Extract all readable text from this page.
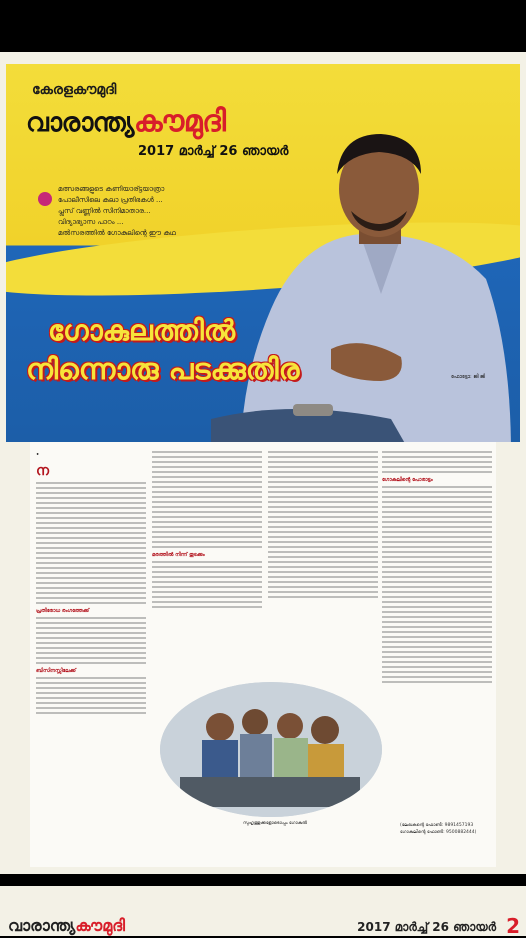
കേരളകൗമുദി
വാരാന്ത്യകൗമുദി
2017 മാർച്ച് 26 ഞായർ

മത്സരങ്ങളുടെ കണിയാര്ട്ടയാത്രാ

പോലീസിലെ കലാ പ്രതിഭകൾ ...

പ്ലസ് വണ്ണിൽ സിനിമാതാര...

വിദ്യാഭ്യാസ പാഠം ...

മൽസരത്തിൽ ഗോകുലിന്റെ ഈ കഥ

ഫോട്ടോ: ജി ജി
ഗോകുലത്തിൽ
നിന്നൊരു പടക്കുതിര
•
ന
പ്രതിരോധ രംഗത്തേക്ക്
ബിസിനസ്സിലേക്ക്
മരത്തിൽ നിന്ന് തുടക്കം
ഗോകുലിന്റെ പോരാട്ടം
സുഹൃത്തുക്കളോടൊപ്പം ഗോകുൽ	(ലേഖകന്റെ ഫോൺ: 9891457193
ഗോകുലിന്റെ ഫോൺ: 9500882444)
വാരാന്ത്യകൗമുദി	2017 മാർച്ച് 26 ഞായർ 2
